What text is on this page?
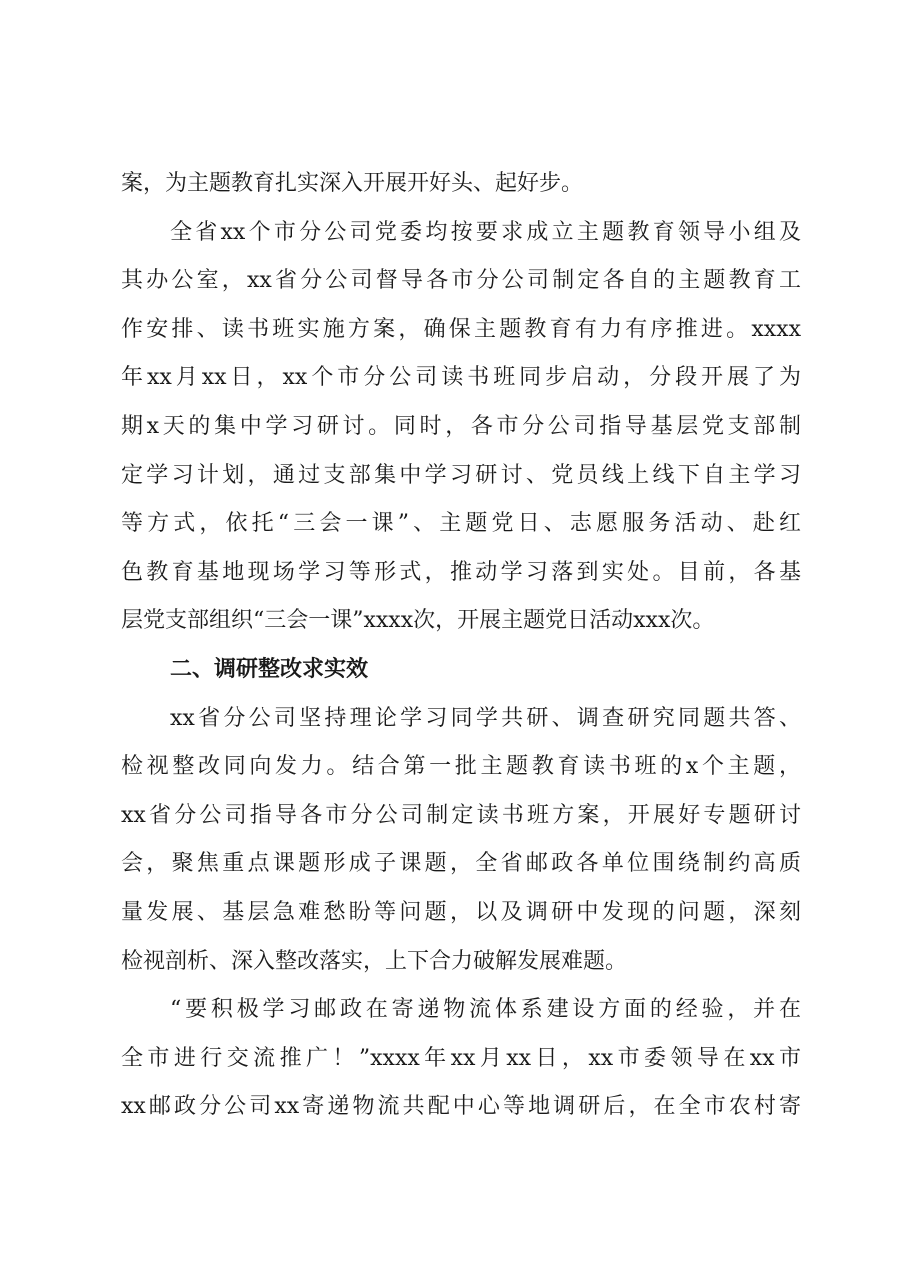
案，为主题教育扎实深入开展开好头、起好步。
全省xx个市分公司党委均按要求成立主题教育领导小组及
其办公室，xx省分公司督导各市分公司制定各自的主题教育工
作安排、读书班实施方案，确保主题教育有力有序推进。xxxx
年xx月xx日，xx个市分公司读书班同步启动，分段开展了为
期x天的集中学习研讨。同时，各市分公司指导基层党支部制
定学习计划，通过支部集中学习研讨、党员线上线下自主学习
等方式，依托“三会一课”、主题党日、志愿服务活动、赴红
色教育基地现场学习等形式，推动学习落到实处。目前，各基
层党支部组织“三会一课”xxxx次，开展主题党日活动xxx次。
二、调研整改求实效
xx省分公司坚持理论学习同学共研、调查研究同题共答、
检视整改同向发力。结合第一批主题教育读书班的x个主题，
xx省分公司指导各市分公司制定读书班方案，开展好专题研讨
会，聚焦重点课题形成子课题，全省邮政各单位围绕制约高质
量发展、基层急难愁盼等问题，以及调研中发现的问题，深刻
检视剖析、深入整改落实，上下合力破解发展难题。
“要积极学习邮政在寄递物流体系建设方面的经验，并在
全市进行交流推广！”xxxx年xx月xx日，xx市委领导在xx市
xx邮政分公司xx寄递物流共配中心等地调研后，在全市农村寄
